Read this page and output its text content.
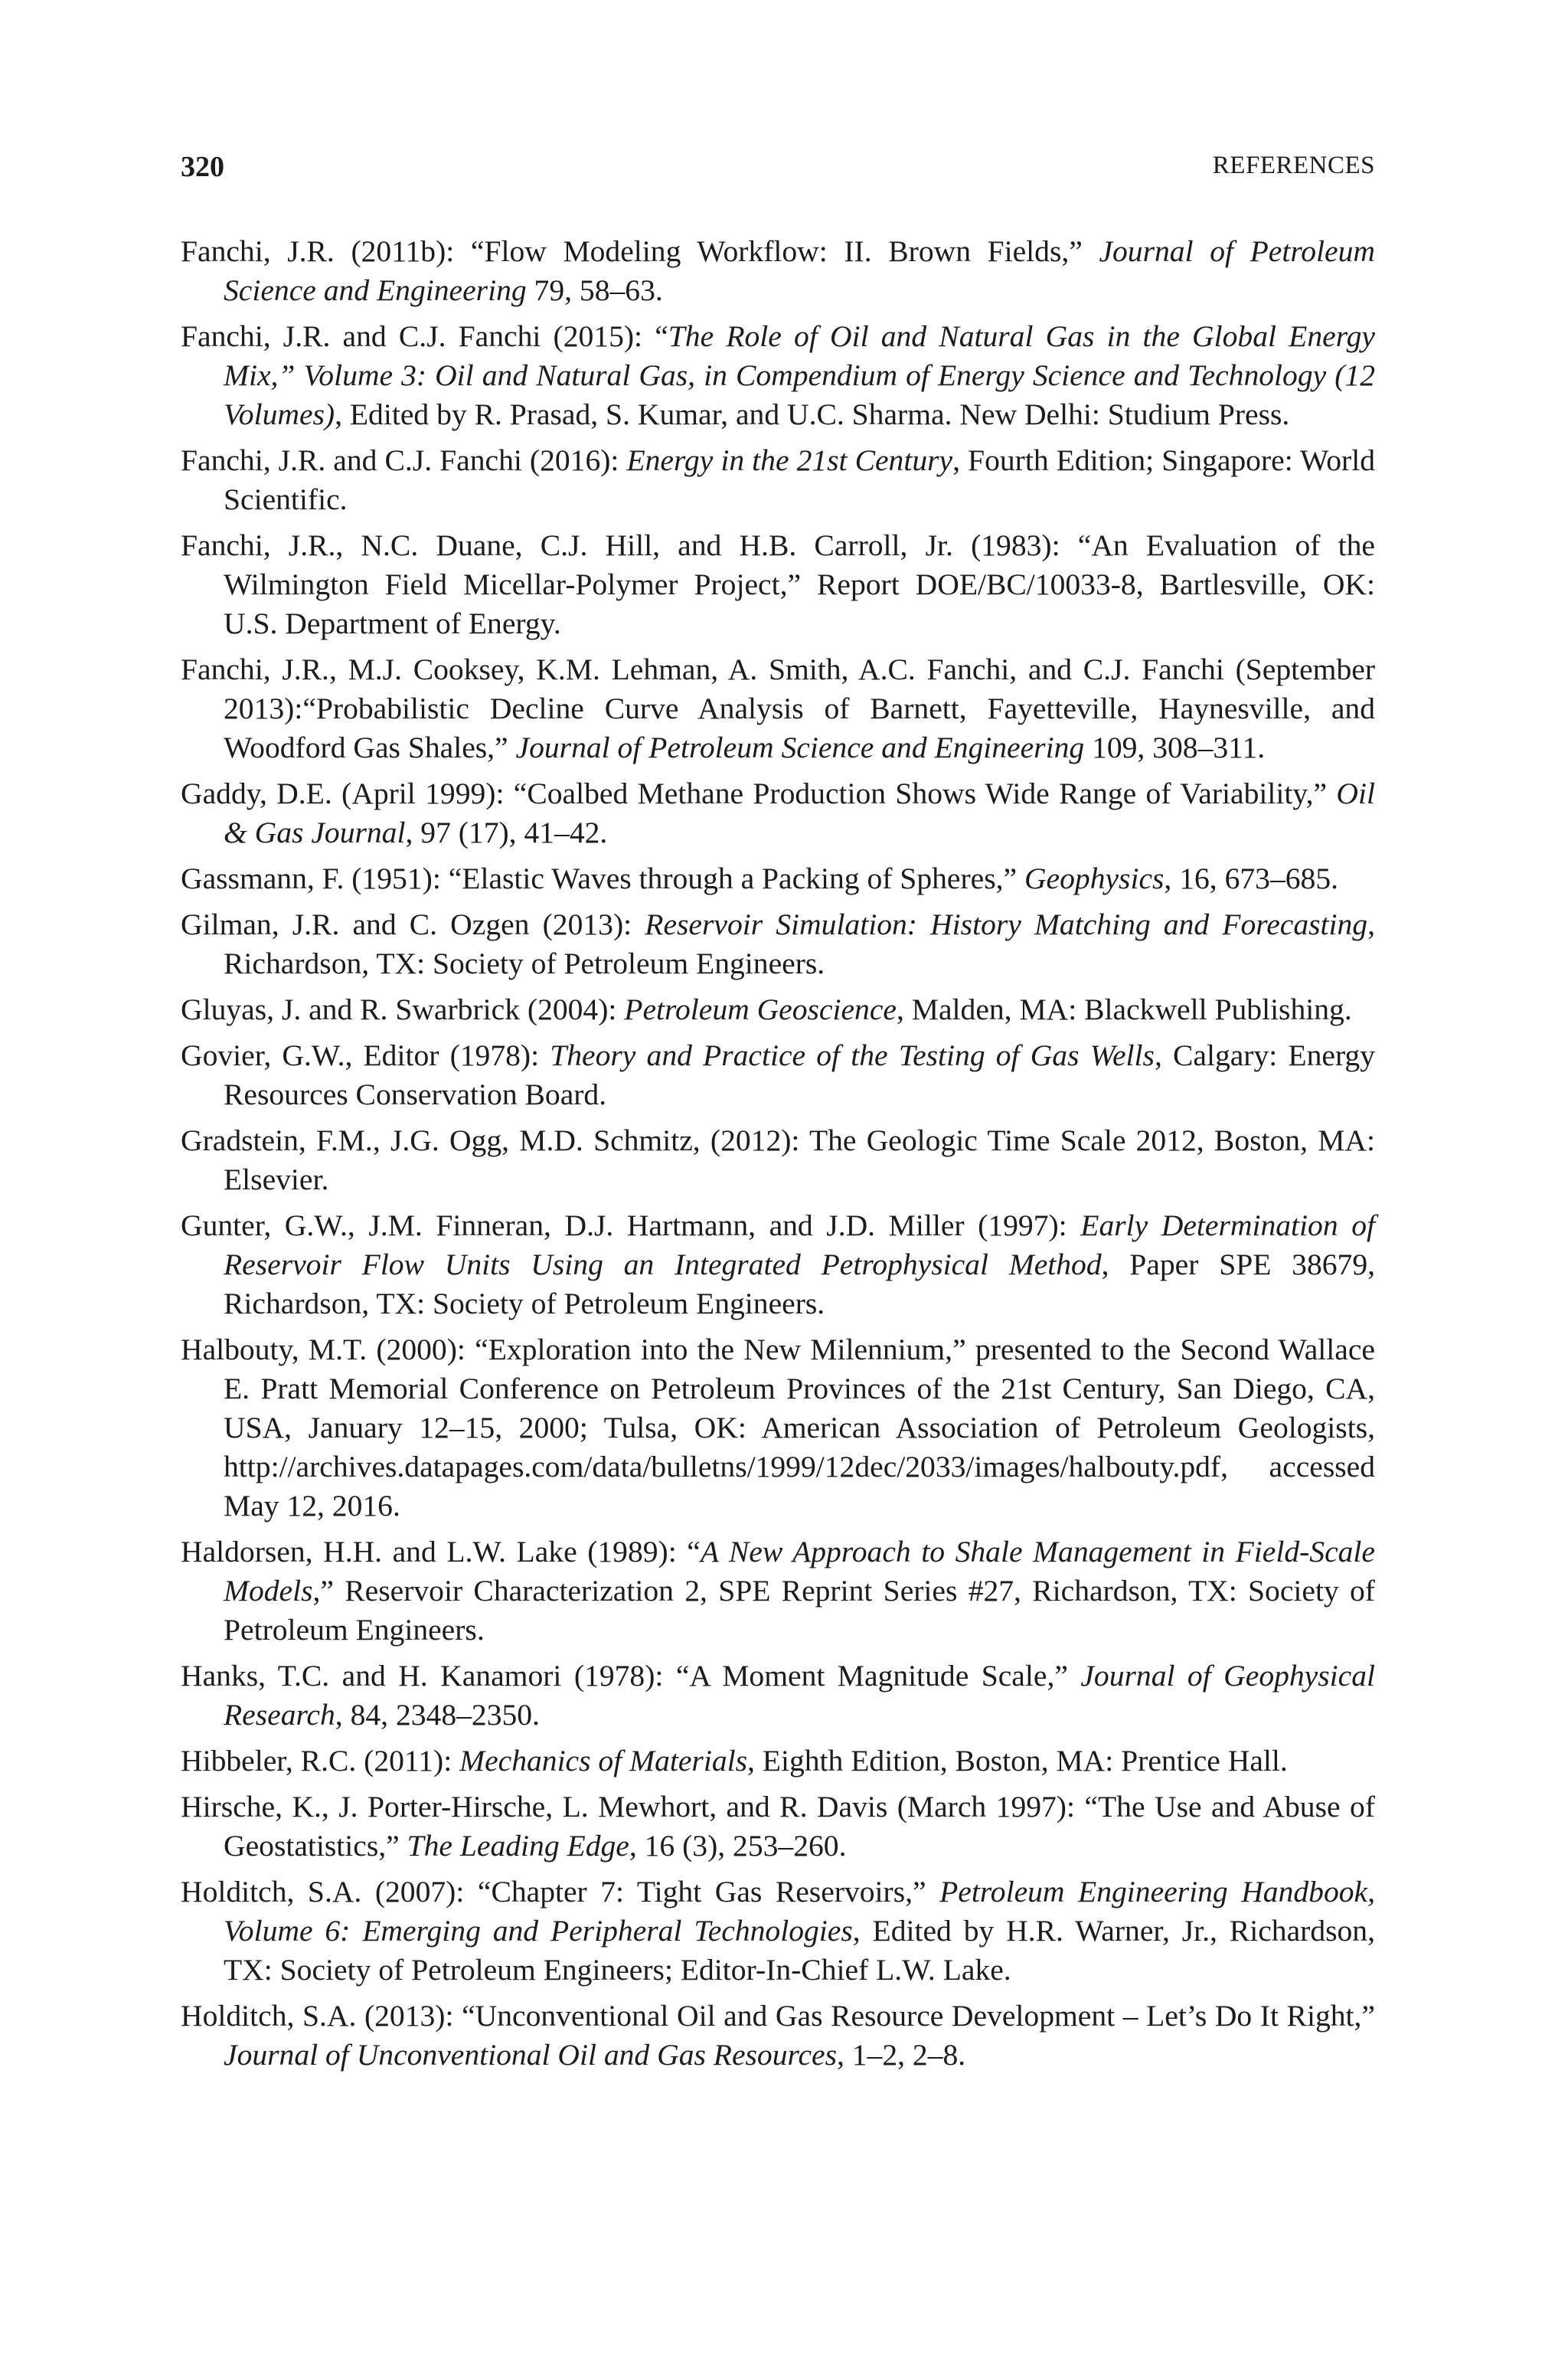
320	REFERENCES

Fanchi, J.R. (2011b): “Flow Modeling Workflow: II. Brown Fields,” Journal of Petroleum Science and Engineering 79, 58–63.

Fanchi, J.R. and C.J. Fanchi (2015): “The Role of Oil and Natural Gas in the Global Energy Mix,” Volume 3: Oil and Natural Gas, in Compendium of Energy Science and Technology (12 Volumes), Edited by R. Prasad, S. Kumar, and U.C. Sharma. New Delhi: Studium Press.

Fanchi, J.R. and C.J. Fanchi (2016): Energy in the 21st Century, Fourth Edition; Singapore: World Scientific.

Fanchi, J.R., N.C. Duane, C.J. Hill, and H.B. Carroll, Jr. (1983): “An Evaluation of the Wilmington Field Micellar-Polymer Project,” Report DOE/BC/10033-8, Bartlesville, OK: U.S. Department of Energy.

Fanchi, J.R., M.J. Cooksey, K.M. Lehman, A. Smith, A.C. Fanchi, and C.J. Fanchi (September 2013):“Probabilistic Decline Curve Analysis of Barnett, Fayetteville, Haynesville, and Woodford Gas Shales,” Journal of Petroleum Science and Engineering 109, 308–311.

Gaddy, D.E. (April 1999): “Coalbed Methane Production Shows Wide Range of Variability,” Oil & Gas Journal, 97 (17), 41–42.

Gassmann, F. (1951): “Elastic Waves through a Packing of Spheres,” Geophysics, 16, 673–685.

Gilman, J.R. and C. Ozgen (2013): Reservoir Simulation: History Matching and Forecasting, Richardson, TX: Society of Petroleum Engineers.

Gluyas, J. and R. Swarbrick (2004): Petroleum Geoscience, Malden, MA: Blackwell Publishing.

Govier, G.W., Editor (1978): Theory and Practice of the Testing of Gas Wells, Calgary: Energy Resources Conservation Board.

Gradstein, F.M., J.G. Ogg, M.D. Schmitz, (2012): The Geologic Time Scale 2012, Boston, MA: Elsevier.

Gunter, G.W., J.M. Finneran, D.J. Hartmann, and J.D. Miller (1997): Early Determination of Reservoir Flow Units Using an Integrated Petrophysical Method, Paper SPE 38679, Richardson, TX: Society of Petroleum Engineers.

Halbouty, M.T. (2000): “Exploration into the New Milennium,” presented to the Second Wallace E. Pratt Memorial Conference on Petroleum Provinces of the 21st Century, San Diego, CA, USA, January 12–15, 2000; Tulsa, OK: American Association of Petroleum Geologists, http://archives.datapages.com/data/bulletns/1999/12dec/2033/images/halbouty.pdf, accessed May 12, 2016.

Haldorsen, H.H. and L.W. Lake (1989): “A New Approach to Shale Management in Field-Scale Models,” Reservoir Characterization 2, SPE Reprint Series #27, Richardson, TX: Society of Petroleum Engineers.

Hanks, T.C. and H. Kanamori (1978): “A Moment Magnitude Scale,” Journal of Geophysical Research, 84, 2348–2350.

Hibbeler, R.C. (2011): Mechanics of Materials, Eighth Edition, Boston, MA: Prentice Hall.

Hirsche, K., J. Porter-Hirsche, L. Mewhort, and R. Davis (March 1997): “The Use and Abuse of Geostatistics,” The Leading Edge, 16 (3), 253–260.

Holditch, S.A. (2007): “Chapter 7: Tight Gas Reservoirs,” Petroleum Engineering Handbook, Volume 6: Emerging and Peripheral Technologies, Edited by H.R. Warner, Jr., Richardson, TX: Society of Petroleum Engineers; Editor-In-Chief L.W. Lake.

Holditch, S.A. (2013): “Unconventional Oil and Gas Resource Development – Let’s Do It Right,” Journal of Unconventional Oil and Gas Resources, 1–2, 2–8.
